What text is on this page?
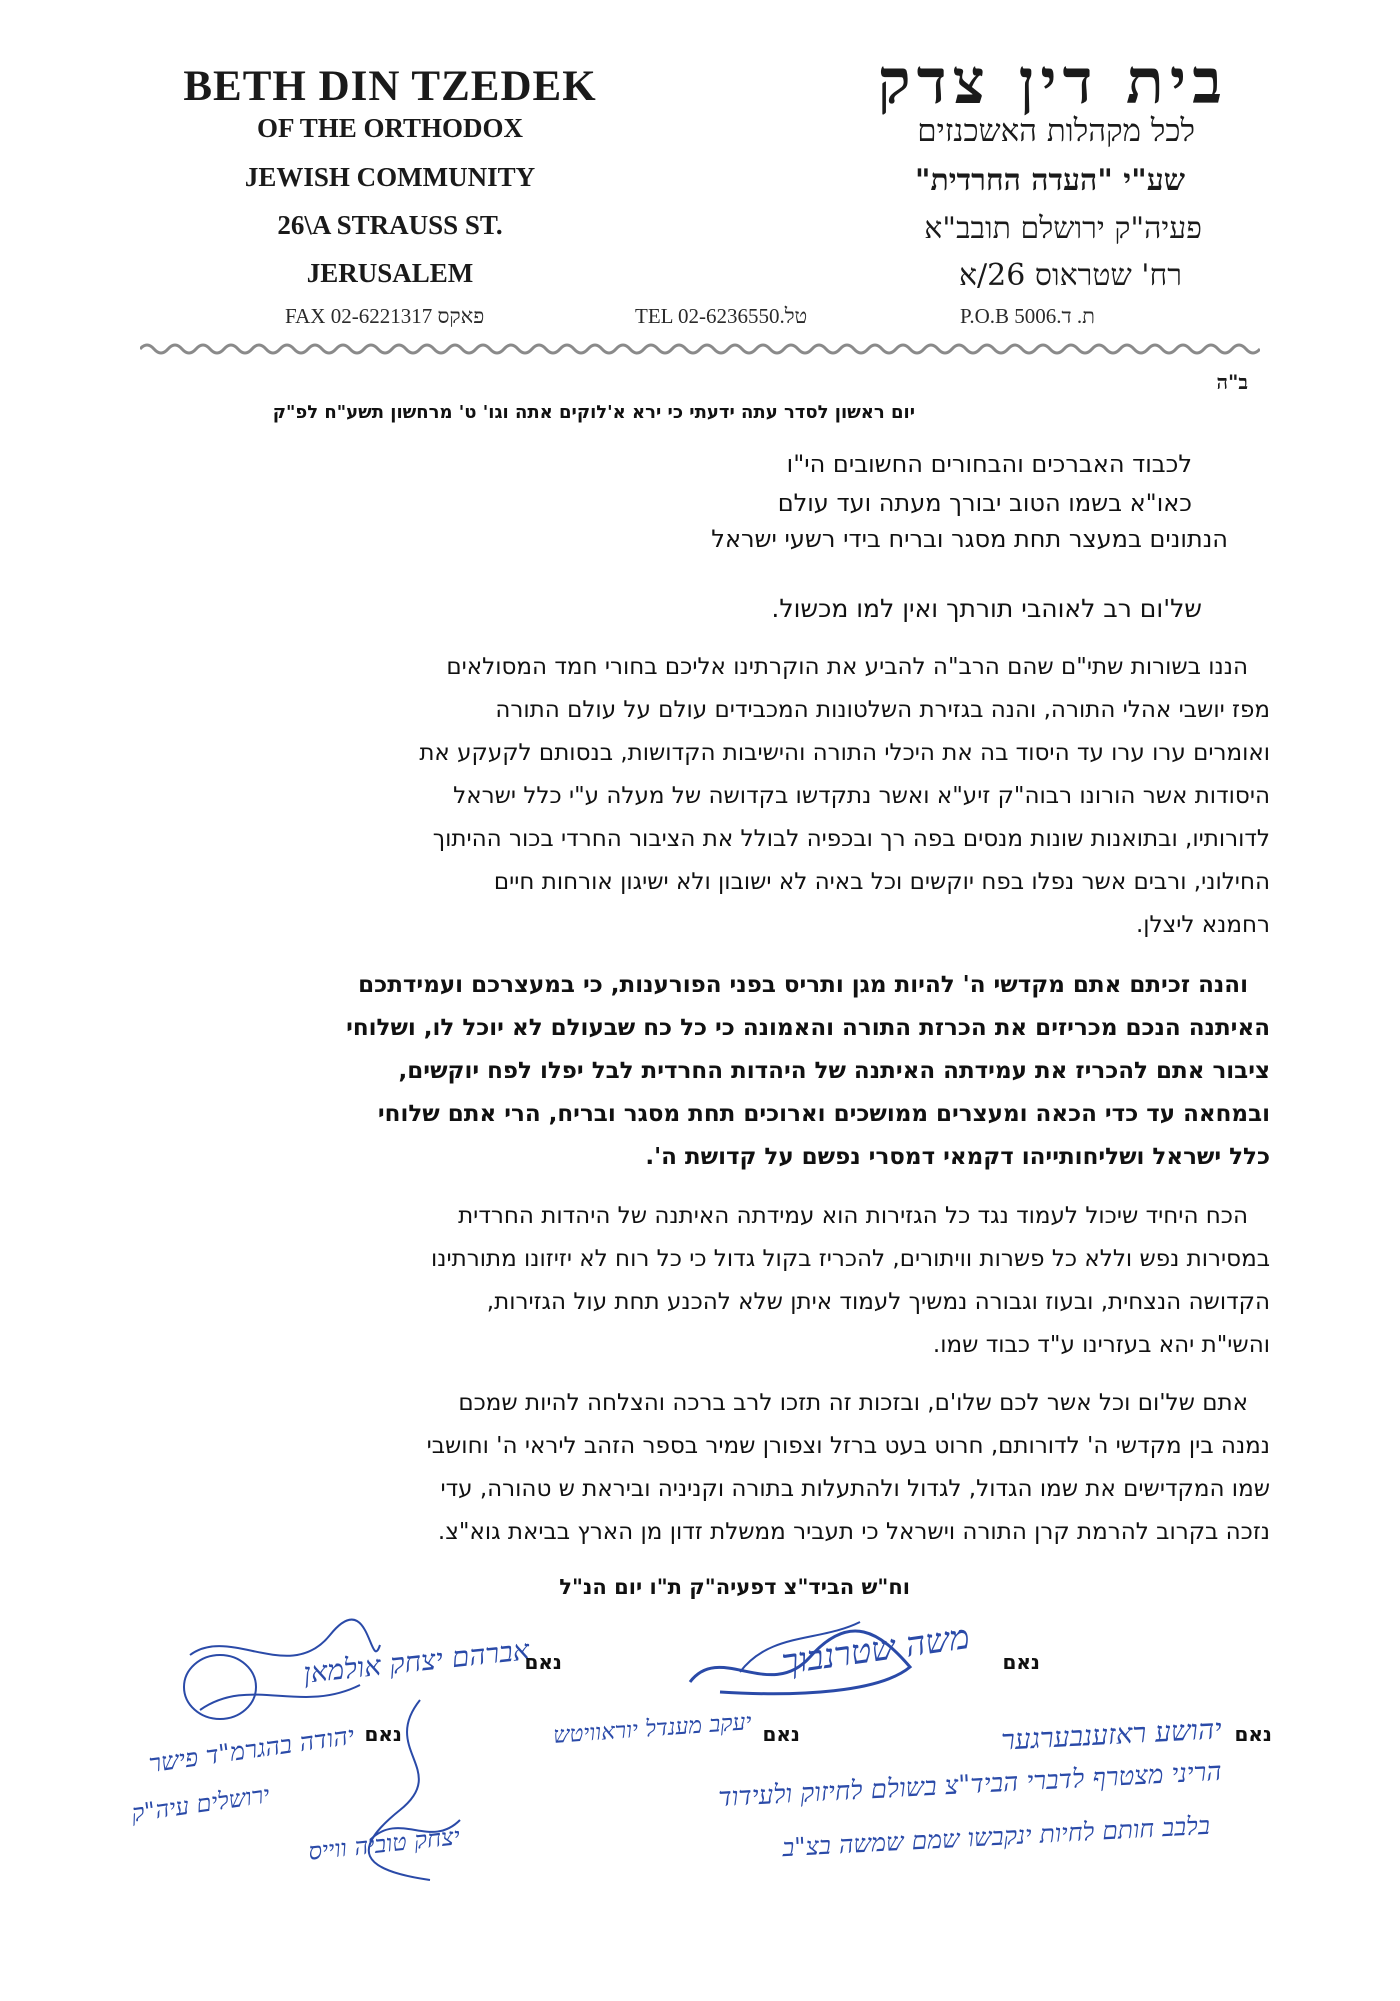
BETH DIN TZEDEK
OF THE ORTHODOX
JEWISH COMMUNITY
26\A STRAUSS ST.
JERUSALEM
בית דין צדק
לכל מקהלות האשכנזים
שע"י "העדה החרדית"
פעיה"ק ירושלם תובב"א
רח' שטראוס 26/א
FAX 02-6221317 פאקס	TEL 02-6236550.טל	P.O.B 5006.ת. ד
ב"ה
יום ראשון לסדר עתה ידעתי כי ירא א'לוקים אתה וגו' ט' מרחשון תשע"ח לפ"ק
לכבוד האברכים והבחורים החשובים הי"ו
כאו"א בשמו הטוב יבורך מעתה ועד עולם
הנתונים במעצר תחת מסגר ובריח בידי רשעי ישראל
של'ום רב לאוהבי תורתך ואין למו מכשול.
הננו בשורות שתי"ם שהם הרב"ה להביע את הוקרתינו אליכם בחורי חמד המסולאים
מפז יושבי אהלי התורה, והנה בגזירת השלטונות המכבידים עולם על עולם התורה
ואומרים ערו ערו עד היסוד בה את היכלי התורה והישיבות הקדושות, בנסותם לקעקע את
היסודות אשר הורונו רבוה"ק זיע"א ואשר נתקדשו בקדושה של מעלה ע"י כלל ישראל
לדורותיו, ובתואנות שונות מנסים בפה רך ובכפיה לבולל את הציבור החרדי בכור ההיתוך
החילוני, ורבים אשר נפלו בפח יוקשים וכל באיה לא ישובון ולא ישיגון אורחות חיים
רחמנא ליצלן.
והנה זכיתם אתם מקדשי ה' להיות מגן ותריס בפני הפורענות, כי במעצרכם ועמידתכם
האיתנה הנכם מכריזים את הכרזת התורה והאמונה כי כל כח שבעולם לא יוכל לו, ושלוחי
ציבור אתם להכריז את עמידתה האיתנה של היהדות החרדית לבל יפלו לפח יוקשים,
ובמחאה עד כדי הכאה ומעצרים ממושכים וארוכים תחת מסגר ובריח, הרי אתם שלוחי
כלל ישראל ושליחותייהו דקמאי דמסרי נפשם על קדושת ה'.
הכח היחיד שיכול לעמוד נגד כל הגזירות הוא עמידתה האיתנה של היהדות החרדית
במסירות נפש וללא כל פשרות וויתורים, להכריז בקול גדול כי כל רוח לא יזיזונו מתורתינו
הקדושה הנצחית, ובעוז וגבורה נמשיך לעמוד איתן שלא להכנע תחת עול הגזירות,
והשי"ת יהא בעזרינו ע"ד כבוד שמו.
אתם של'ום וכל אשר לכם שלו'ם, ובזכות זה תזכו לרב ברכה והצלחה להיות שמכם
נמנה בין מקדשי ה' לדורותם, חרוט בעט ברזל וצפורן שמיר בספר הזהב ליראי ה' וחושבי
שמו המקדישים את שמו הגדול, לגדול ולהתעלות בתורה וקניניה וביראת ש טהורה, עדי
נזכה בקרוב להרמת קרן התורה וישראל כי תעביר ממשלת זדון מן הארץ בביאת גוא"צ.
וח"ש הביד"צ דפעיה"ק ת"ו יום הנ"ל
אברהם יצחק אולמאן
נאם	משה שטרנבוך נאם
נאם
יהושע ראזענבערגער
נאם
יעקב מענדל יוראוויטש
נאם
יהודה בהגרמ"ד פישר
הריני מצטרף לדברי הביד"צ בשולם לחיזוק ולעידוד
ירושלים עיה"ק
בלבב חותם לחיות ינקבשו שמם שמשה בצ"ב
יצחק טוביה ווייס
